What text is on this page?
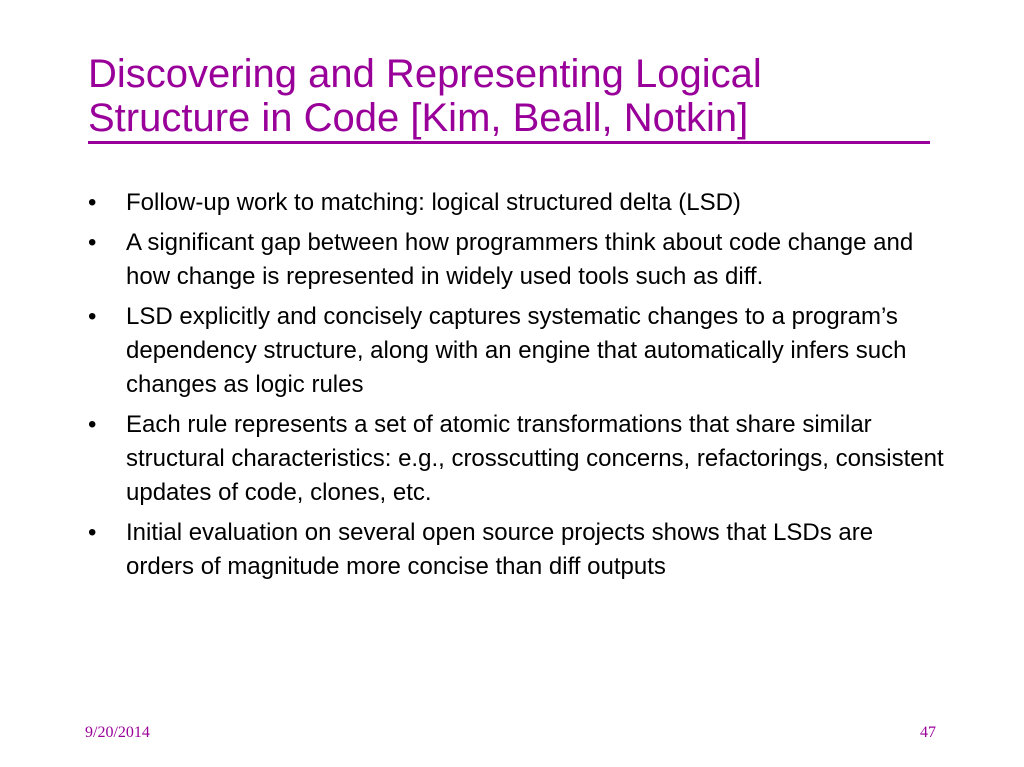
Discovering and Representing Logical
Structure in Code [Kim, Beall, Notkin]
• Follow-up work to matching: logical structured delta (LSD)
• A significant gap between how programmers think about code change and how change is represented in widely used tools such as diff.
• LSD explicitly and concisely captures systematic changes to a program’s dependency structure, along with an engine that automatically infers such changes as logic rules
• Each rule represents a set of atomic transformations that share similar structural characteristics: e.g., crosscutting concerns, refactorings, consistent updates of code, clones, etc.
• Initial evaluation on several open source projects shows that LSDs are orders of magnitude more concise than diff outputs
9/20/2014	47
